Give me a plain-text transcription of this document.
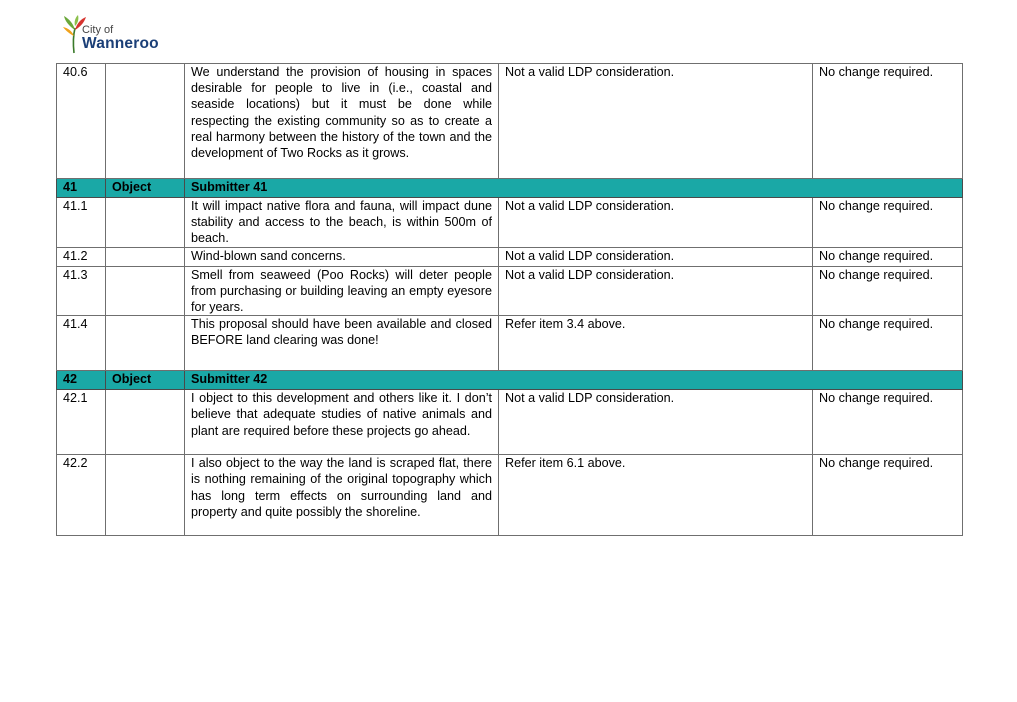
City of
Wanneroo
40.6		We understand the provision of housing in spaces desirable for people to live in (i.e., coastal and seaside locations) but it must be done while respecting the existing community so as to create a real harmony between the history of the town and the development of Two Rocks as it grows.	Not a valid LDP consideration.	No change required.
41	Object	Submitter 41		
41.1		It will impact native flora and fauna, will impact dune stability and access to the beach, is within 500m of beach.	Not a valid LDP consideration.	No change required.
41.2		Wind-blown sand concerns.	Not a valid LDP consideration.	No change required.
41.3		Smell from seaweed (Poo Rocks) will deter people from purchasing or building leaving an empty eyesore for years.	Not a valid LDP consideration.	No change required.
41.4		This proposal should have been available and closed BEFORE land clearing was done!	Refer item 3.4 above.	No change required.
42	Object	Submitter 42		
42.1		I object to this development and others like it. I don’t believe that adequate studies of native animals and plant are required before these projects go ahead.	Not a valid LDP consideration.	No change required.
42.2		I also object to the way the land is scraped flat, there is nothing remaining of the original topography which has long term effects on surrounding land and property and quite possibly the shoreline.	Refer item 6.1 above.	No change required.
